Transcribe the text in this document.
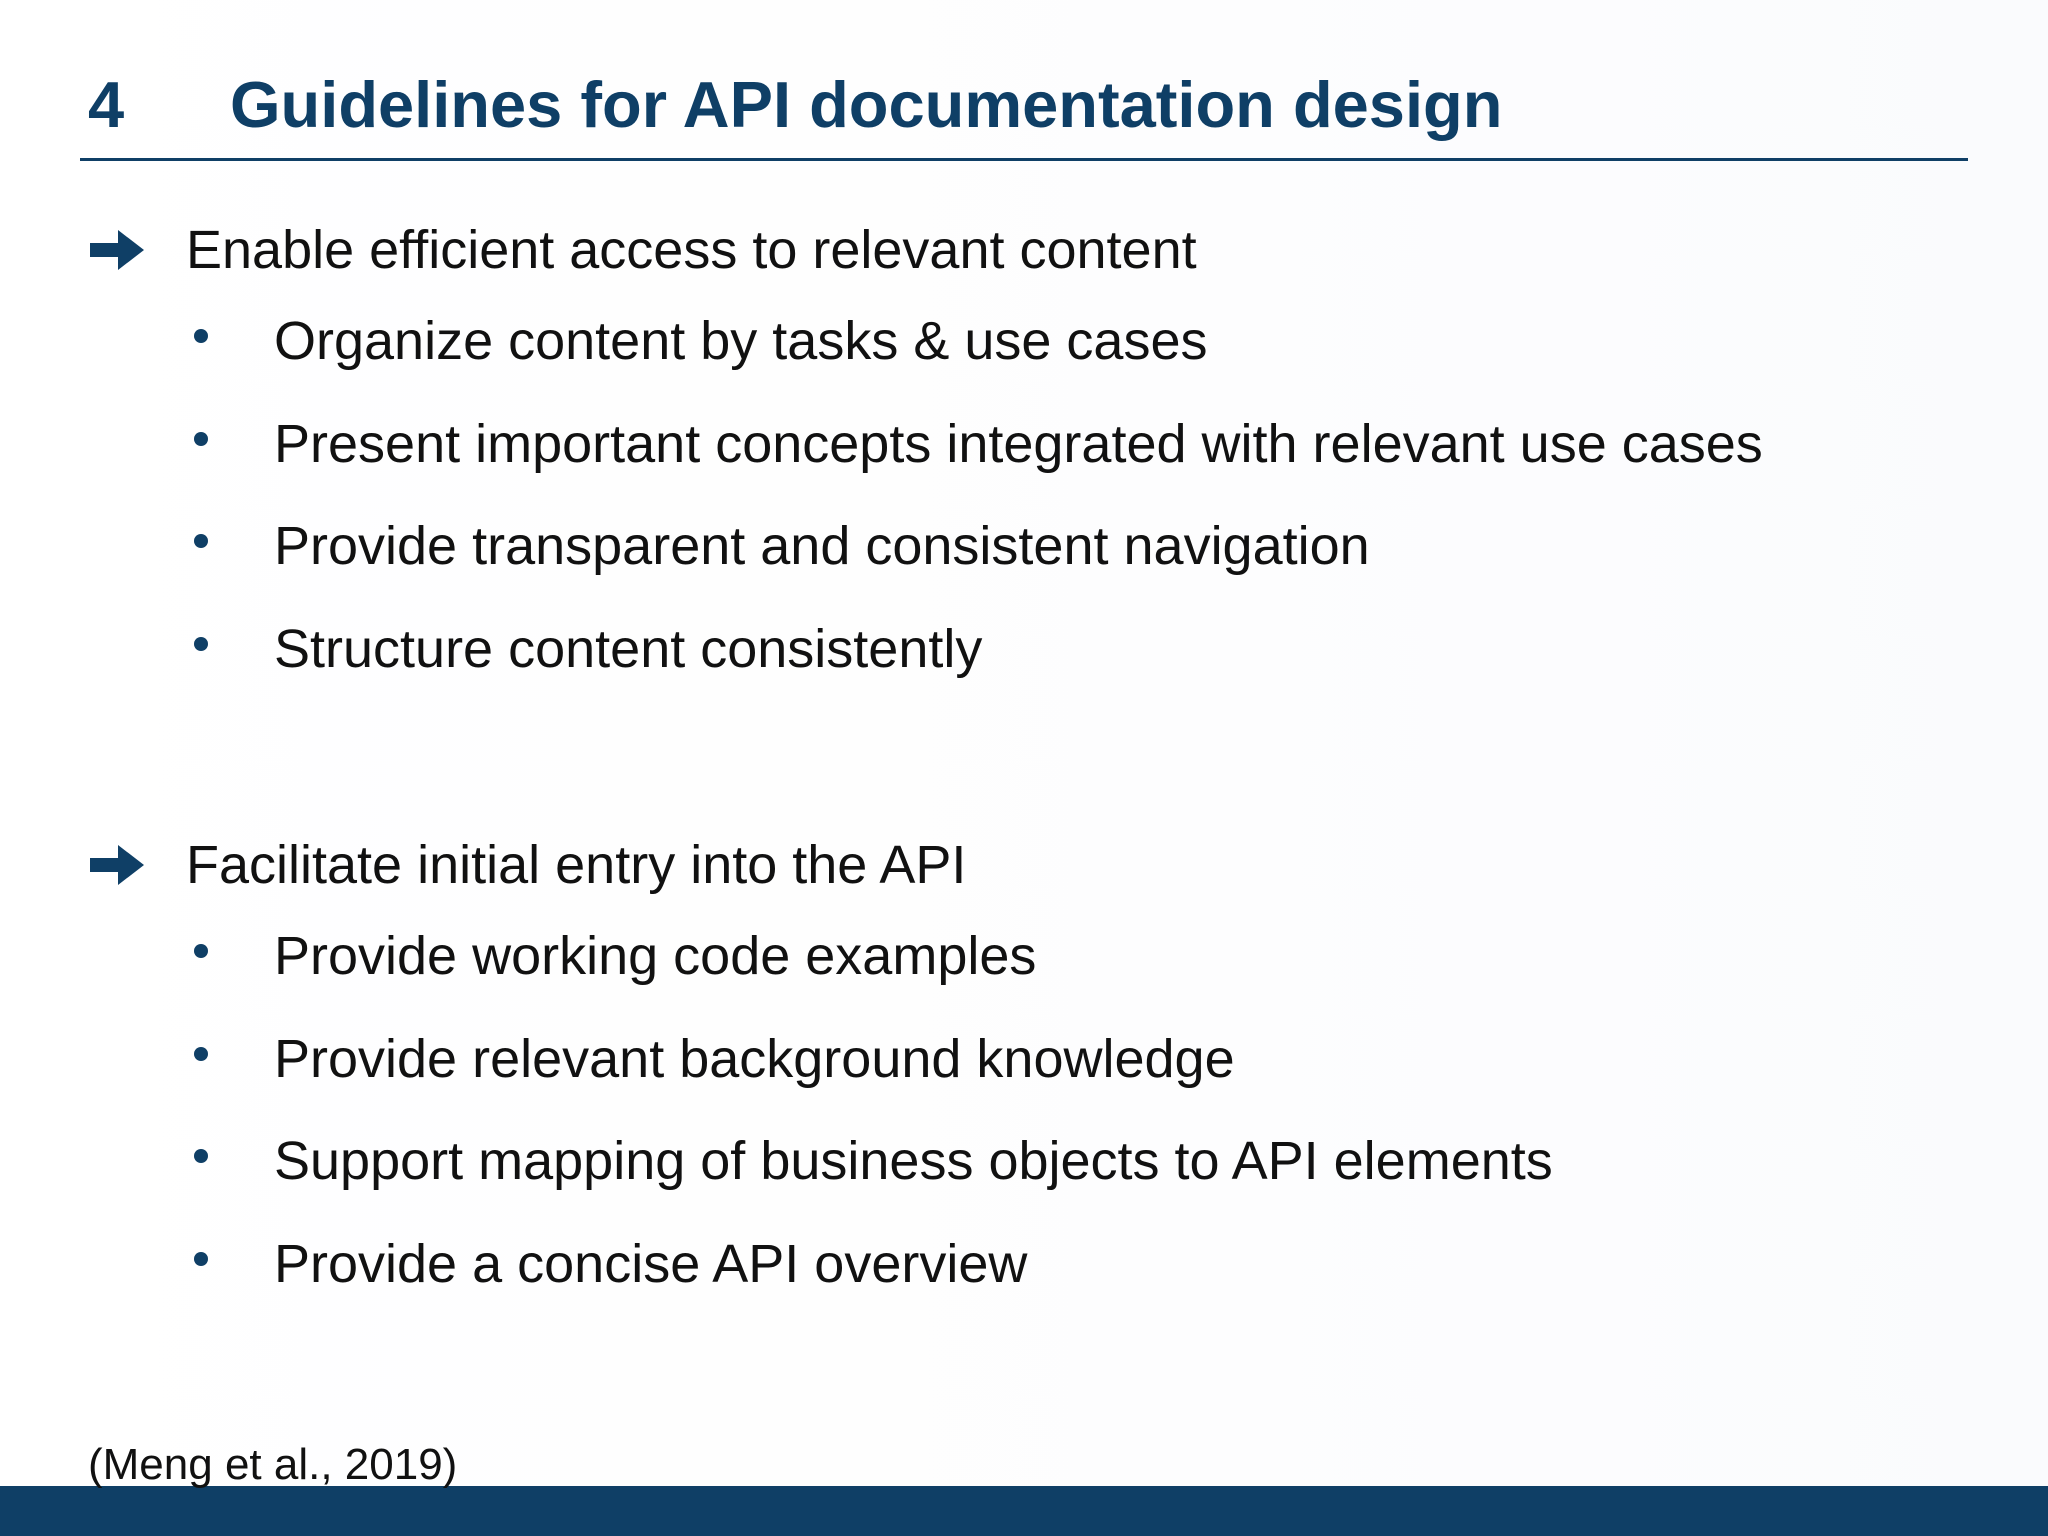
4	Guidelines for API documentation design
Enable efficient access to relevant content
Organize content by tasks & use cases
Present important concepts integrated with relevant use cases
Provide transparent and consistent navigation
Structure content consistently
Facilitate initial entry into the API
Provide working code examples
Provide relevant background knowledge
Support mapping of business objects to API elements
Provide a concise API overview
(Meng et al., 2019)
